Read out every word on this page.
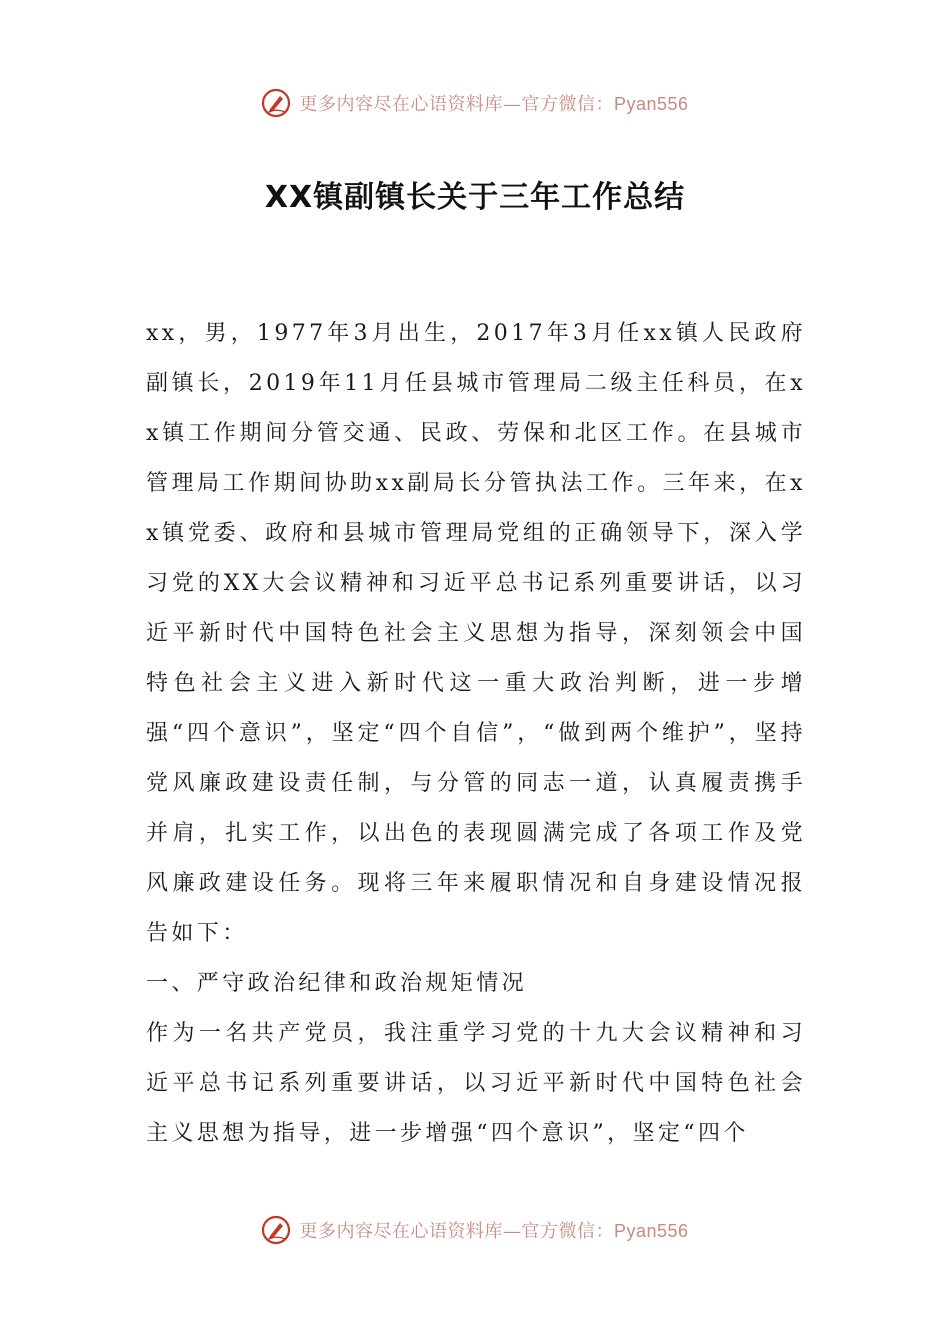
更多内容尽在心语资料库—官方微信：Pyan556
XX镇副镇长关于三年工作总结

xx，男，1977年3月出生，2017年3月任xx镇人民政府副镇长，2019年11月任县城市管理局二级主任科员，在xx镇工作期间分管交通、民政、劳保和北区工作。在县城市管理局工作期间协助xx副局长分管执法工作。三年来，在xx镇党委、政府和县城市管理局党组的正确领导下，深入学习党的XX大会议精神和习近平总书记系列重要讲话，以习近平新时代中国特色社会主义思想为指导，深刻领会中国特色社会主义进入新时代这一重大政治判断，进一步增强“四个意识”，坚定“四个自信”，“做到两个维护”，坚持党风廉政建设责任制，与分管的同志一道，认真履责携手并肩，扎实工作，以出色的表现圆满完成了各项工作及党风廉政建设任务。现将三年来履职情况和自身建设情况报告如下：

一、严守政治纪律和政治规矩情况

作为一名共产党员，我注重学习党的十九大会议精神和习近平总书记系列重要讲话，以习近平新时代中国特色社会主义思想为指导，进一步增强“四个意识”，坚定“四个

更多内容尽在心语资料库—官方微信：Pyan556
